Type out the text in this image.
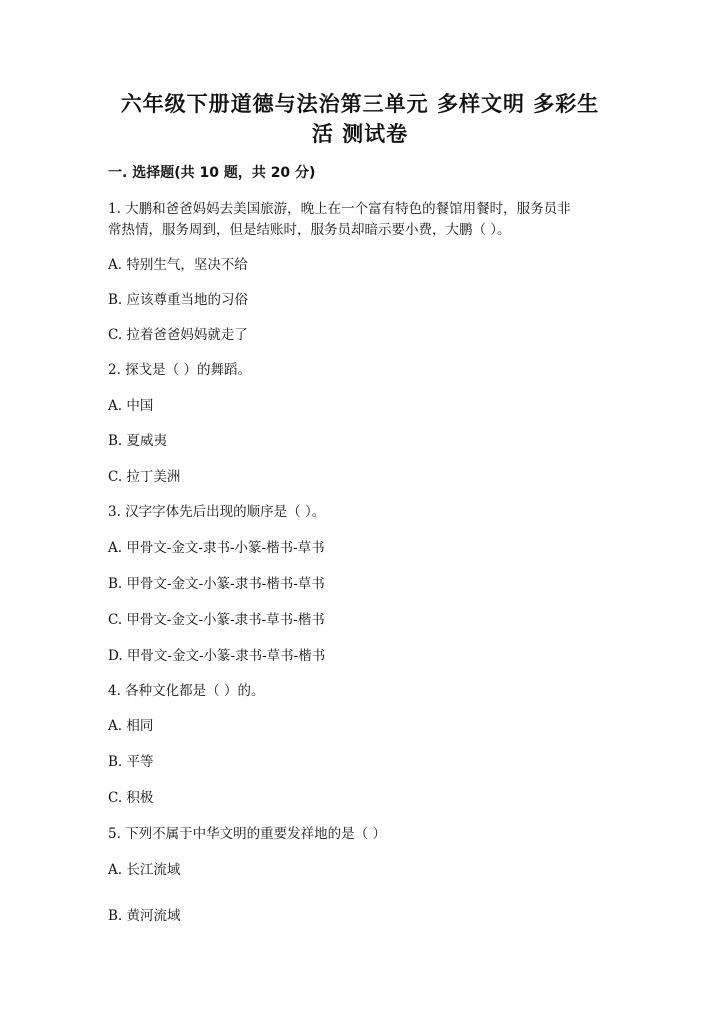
六年级下册道德与法治第三单元 多样文明 多彩生
活 测试卷
一. 选择题(共 10 题，共 20 分)
1. 大鹏和爸爸妈妈去美国旅游，晚上在一个富有特色的餐馆用餐时，服务员非
常热情，服务周到，但是结账时，服务员却暗示要小费，大鹏（ ）。
A. 特别生气，坚决不给
B. 应该尊重当地的习俗
C. 拉着爸爸妈妈就走了
2. 探戈是（ ）的舞蹈。
A. 中国
B. 夏威夷
C. 拉丁美洲
3. 汉字字体先后出现的顺序是（ ）。
A. 甲骨文-金文-隶书-小篆-楷书-草书
B. 甲骨文-金文-小篆-隶书-楷书-草书
C. 甲骨文-金文-小篆-隶书-草书-楷书
D. 甲骨文-金文-小篆-隶书-草书-楷书
4. 各种文化都是（ ）的。
A. 相同
B. 平等
C. 积极
5. 下列不属于中华文明的重要发祥地的是（ ）
A. 长江流域
B. 黄河流域
